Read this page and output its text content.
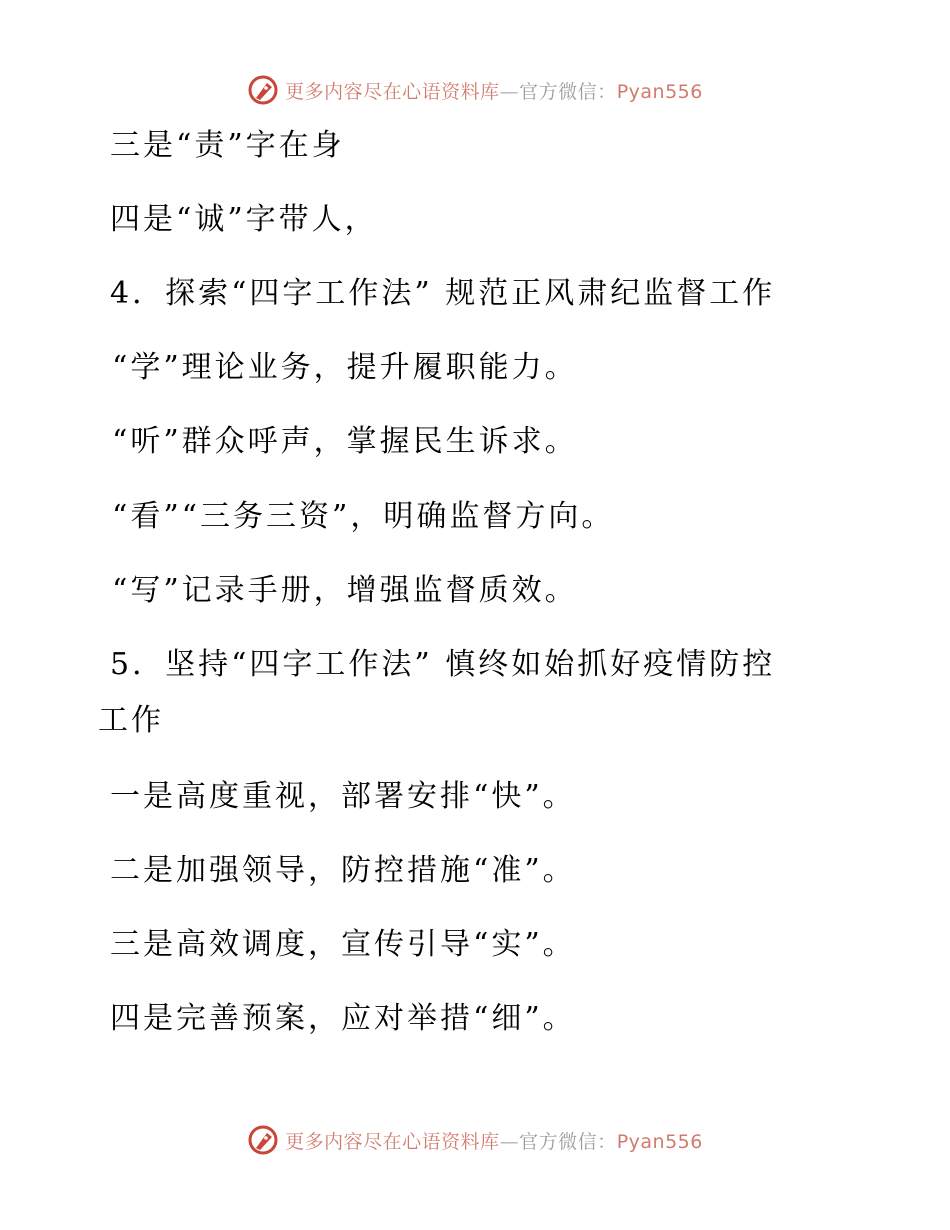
更多内容尽在心语资料库—官方微信：Pyan556
三是“责”字在身
四是“诚”字带人，
4．探索“四字工作法” 规范正风肃纪监督工作
“学”理论业务，提升履职能力。
“听”群众呼声，掌握民生诉求。
“看”“三务三资”，明确监督方向。
“写”记录手册，增强监督质效。
5．坚持“四字工作法” 慎终如始抓好疫情防控
工作
一是高度重视，部署安排“快”。
二是加强领导，防控措施“准”。
三是高效调度，宣传引导“实”。
四是完善预案，应对举措“细”。
更多内容尽在心语资料库—官方微信：Pyan556
